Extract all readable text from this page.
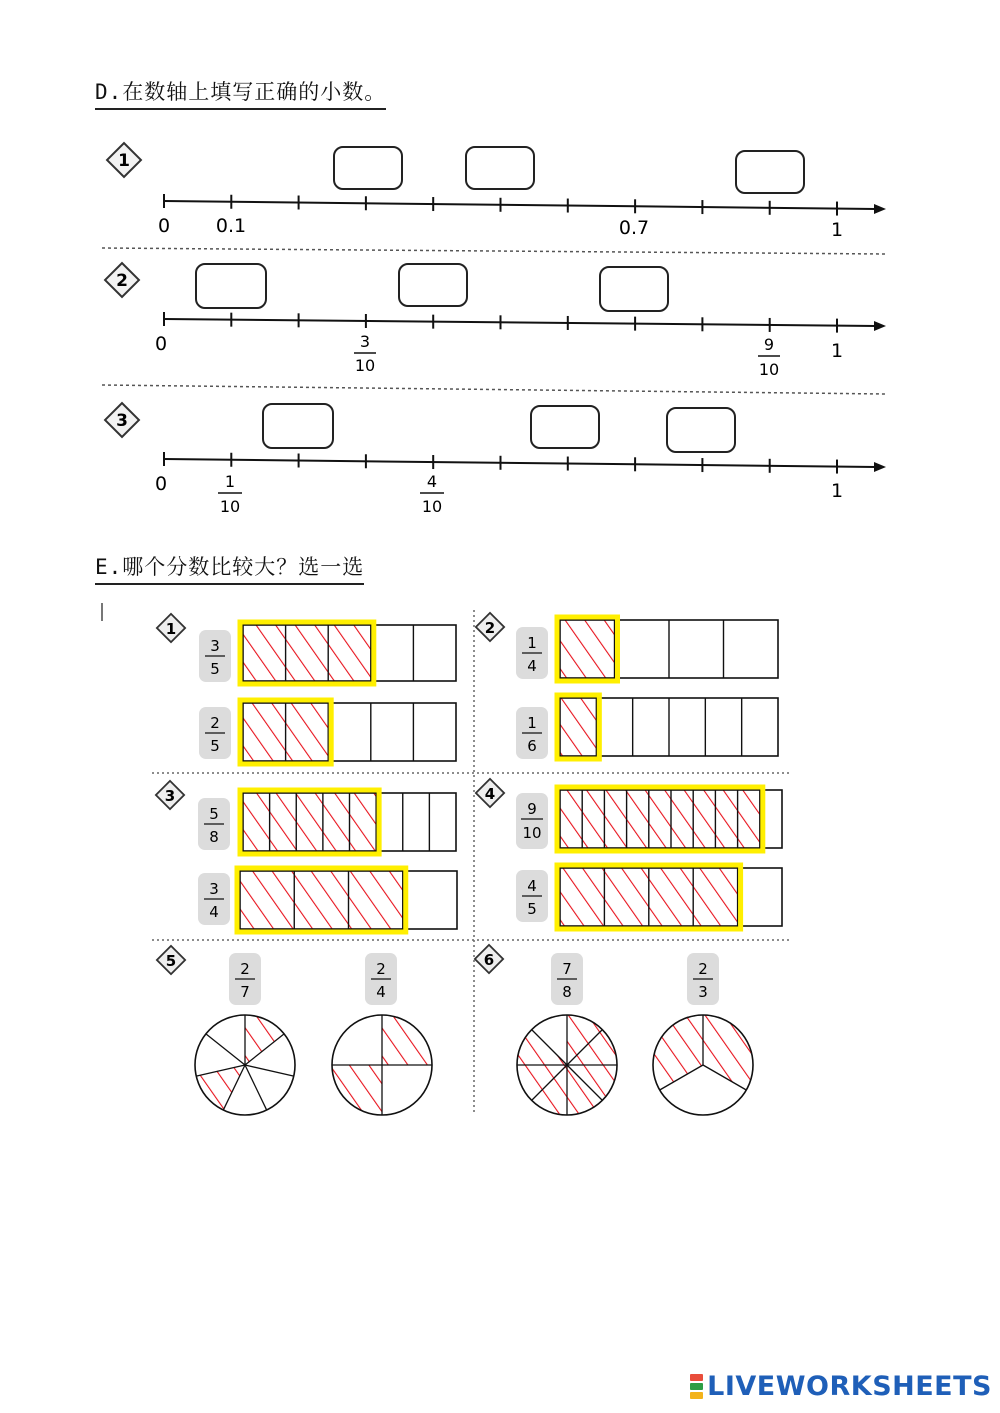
D.在数轴上填写正确的小数。
1
2
3
0 0.1	0.7	1
0	3
10
9
10
1
0	1
10
4
10
1
E.哪个分数比较大？选一选
1	2
3	4
5	6
3
5
2
5
1
4
1
6
5
8
3
4
9
10
4
5
2
7
2
4
7
8
2
3
LIVEWORKSHEETS
